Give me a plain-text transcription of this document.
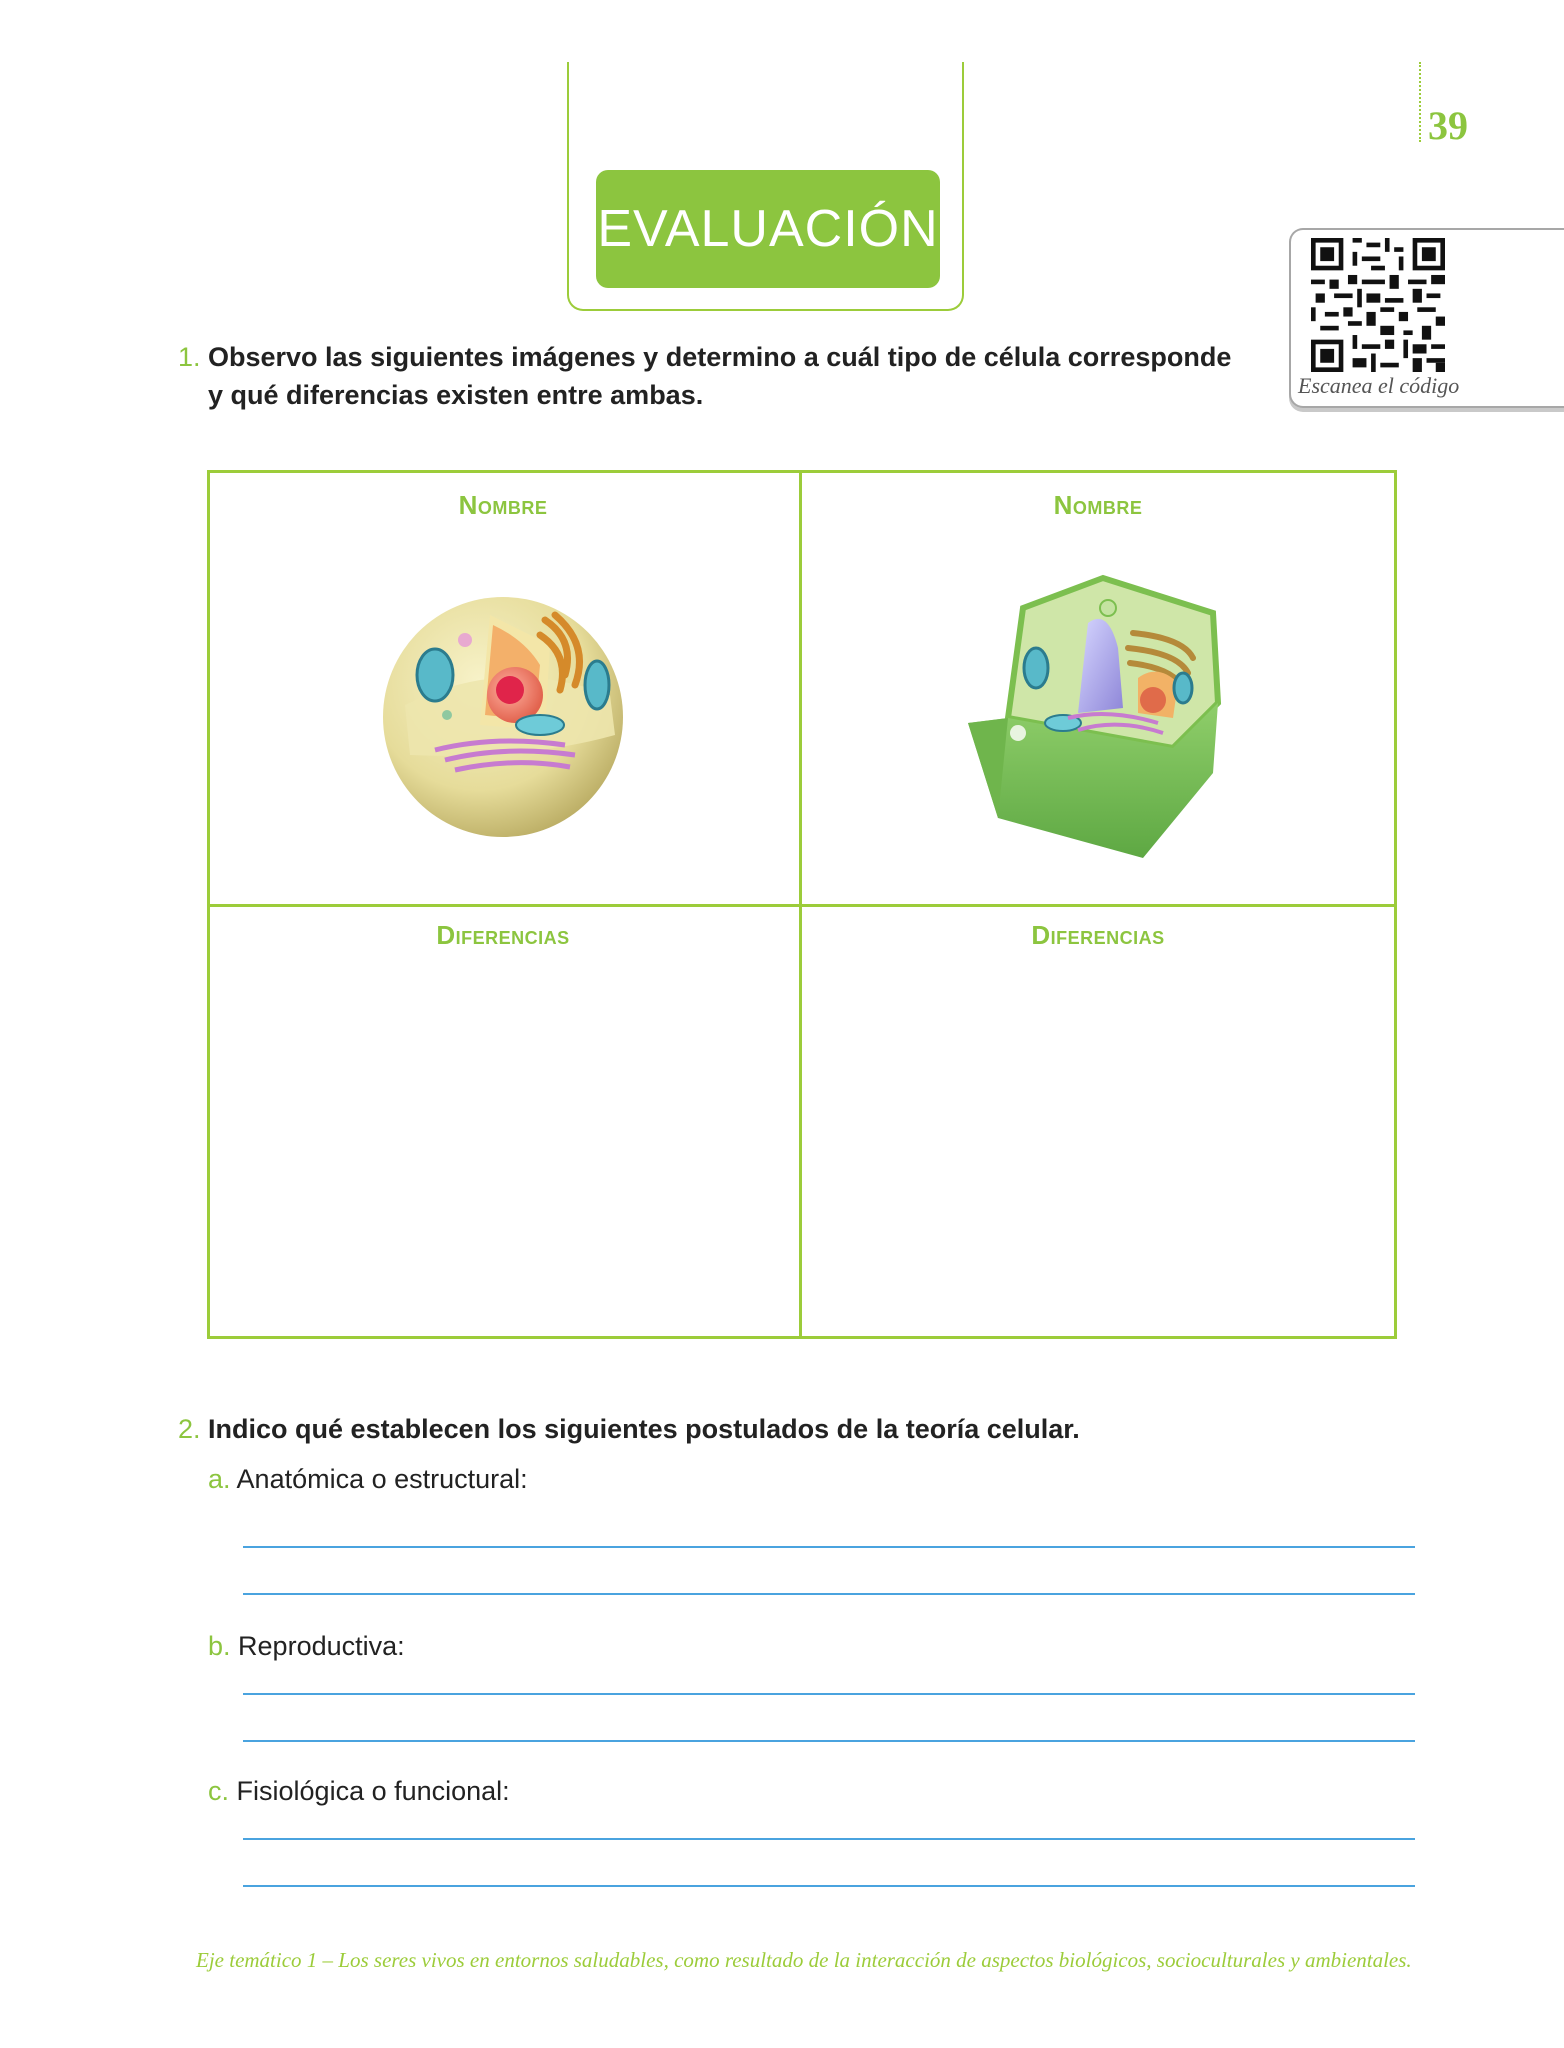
39
EVALUACIÓN
Escanea el código
1. Observo las siguientes imágenes y determino a cuál tipo de célula corresponde y qué diferencias existen entre ambas.
Nombre	Nombre
Diferencias	Diferencias
2. Indico qué establecen los siguientes postulados de la teoría celular.
a. Anatómica o estructural:
b. Reproductiva:
c. Fisiológica o funcional:
Eje temático 1 – Los seres vivos en entornos saludables, como resultado de la interacción de aspectos biológicos, socioculturales y ambientales.
